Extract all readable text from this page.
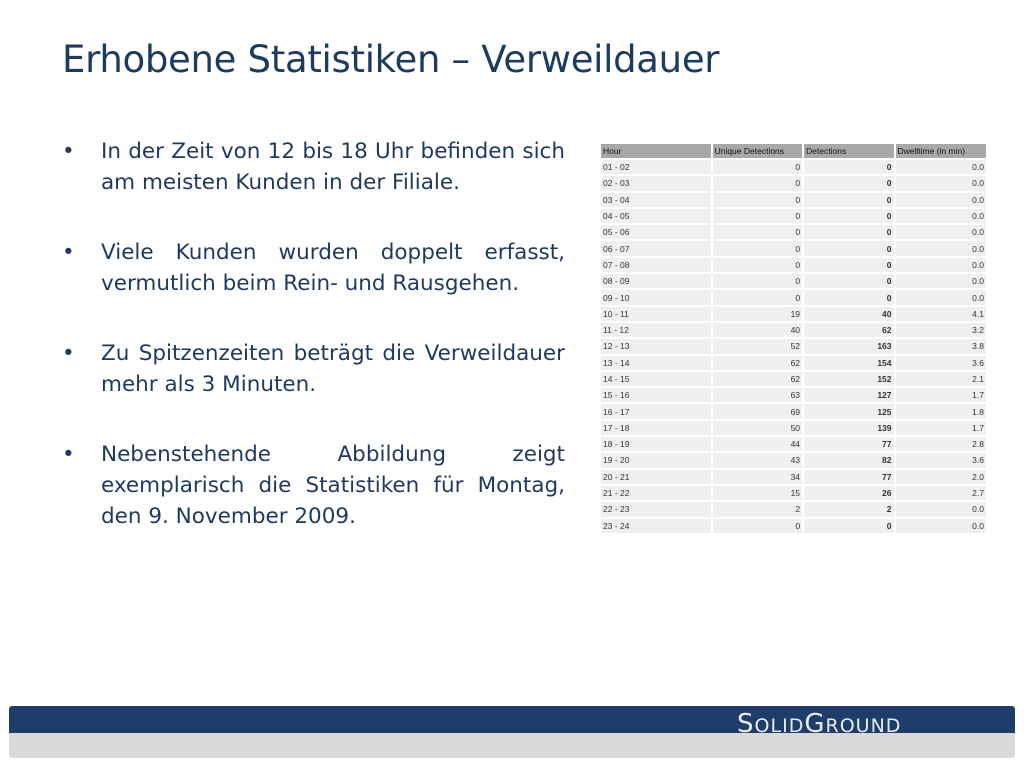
Erhobene Statistiken – Verweildauer
• In der Zeit von 12 bis 18 Uhr befinden sich am meisten Kunden in der Filiale.
• Viele Kunden wurden doppelt erfasst, vermutlich beim Rein- und Rausgehen.
• Zu Spitzenzeiten beträgt die Verweildauer mehr als 3 Minuten.
• Nebenstehende Abbildung zeigt exemplarisch die Statistiken für Montag, den 9. November 2009.
Hour	Unique Detections	Detections	Dwelltime (in min)
01 - 02	0	0	0.0
02 - 03	0	0	0.0
03 - 04	0	0	0.0
04 - 05	0	0	0.0
05 - 06	0	0	0.0
06 - 07	0	0	0.0
07 - 08	0	0	0.0
08 - 09	0	0	0.0
09 - 10	0	0	0.0
10 - 11	19	40	4.1
11 - 12	40	62	3.2
12 - 13	52	163	3.8
13 - 14	62	154	3.6
14 - 15	62	152	2.1
15 - 16	63	127	1.7
16 - 17	69	125	1.8
17 - 18	50	139	1.7
18 - 19	44	77	2.8
19 - 20	43	82	3.6
20 - 21	34	77	2.0
21 - 22	15	26	2.7
22 - 23	2	2	0.0
23 - 24	0	0	0.0
SOLIDGROUND
